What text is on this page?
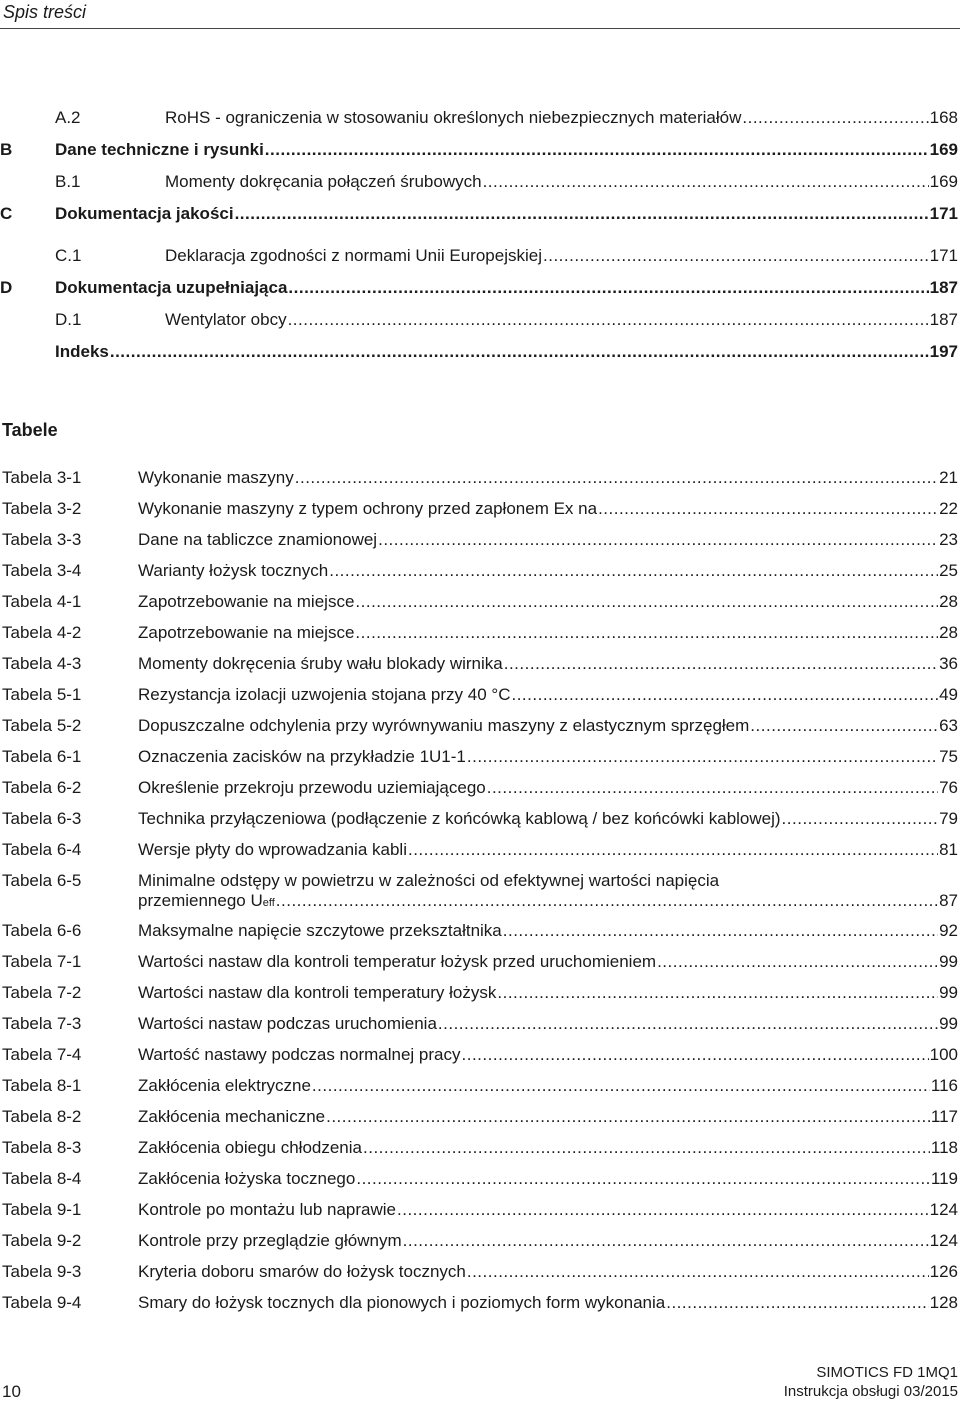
Spis treści
A.2	RoHS - ograniczenia w stosowaniu określonych niebezpiecznych materiałów .....	168
B	Dane techniczne i rysunki .....	169
B.1	Momenty dokręcania połączeń śrubowych .....	169
C	Dokumentacja jakości .....	171
C.1	Deklaracja zgodności z normami Unii Europejskiej .....	171
D	Dokumentacja uzupełniająca .....	187
D.1	Wentylator obcy .....	187
Indeks .....	197
Tabele
Tabela 3-1	Wykonanie maszyny .....	21
Tabela 3-2	Wykonanie maszyny z typem ochrony przed zapłonem Ex na .....	22
Tabela 3-3	Dane na tabliczce znamionowej .....	23
Tabela 3-4	Warianty łożysk tocznych .....	25
Tabela 4-1	Zapotrzebowanie na miejsce .....	28
Tabela 4-2	Zapotrzebowanie na miejsce .....	28
Tabela 4-3	Momenty dokręcenia śruby wału blokady wirnika .....	36
Tabela 5-1	Rezystancja izolacji uzwojenia stojana przy 40 °C .....	49
Tabela 5-2	Dopuszczalne odchylenia przy wyrównywaniu maszyny z elastycznym sprzęgłem .....	63
Tabela 6-1	Oznaczenia zacisków na przykładzie 1U1-1 .....	75
Tabela 6-2	Określenie przekroju przewodu uziemiającego .....	76
Tabela 6-3	Technika przyłączeniowa (podłączenie z końcówką kablową / bez końcówki kablowej) .....	79
Tabela 6-4	Wersje płyty do wprowadzania kabli .....	81
Tabela 6-5	Minimalne odstępy w powietrzu w zależności od efektywnej wartości napięcia
przemiennego U eff .....	87
Tabela 6-6	Maksymalne napięcie szczytowe przekształtnika .....	92
Tabela 7-1	Wartości nastaw dla kontroli temperatur łożysk przed uruchomieniem .....	99
Tabela 7-2	Wartości nastaw dla kontroli temperatury łożysk .....	99
Tabela 7-3	Wartości nastaw podczas uruchomienia .....	99
Tabela 7-4	Wartość nastawy podczas normalnej pracy .....	100
Tabela 8-1	Zakłócenia elektryczne .....	116
Tabela 8-2	Zakłócenia mechaniczne .....	117
Tabela 8-3	Zakłócenia obiegu chłodzenia .....	118
Tabela 8-4	Zakłócenia łożyska tocznego .....	119
Tabela 9-1	Kontrole po montażu lub naprawie .....	124
Tabela 9-2	Kontrole przy przeglądzie głównym .....	124
Tabela 9-3	Kryteria doboru smarów do łożysk tocznych .....	126
Tabela 9-4	Smary do łożysk tocznych dla pionowych i poziomych form wykonania .....	128
10
SIMOTICS FD 1MQ1
Instrukcja obsługi 03/2015
